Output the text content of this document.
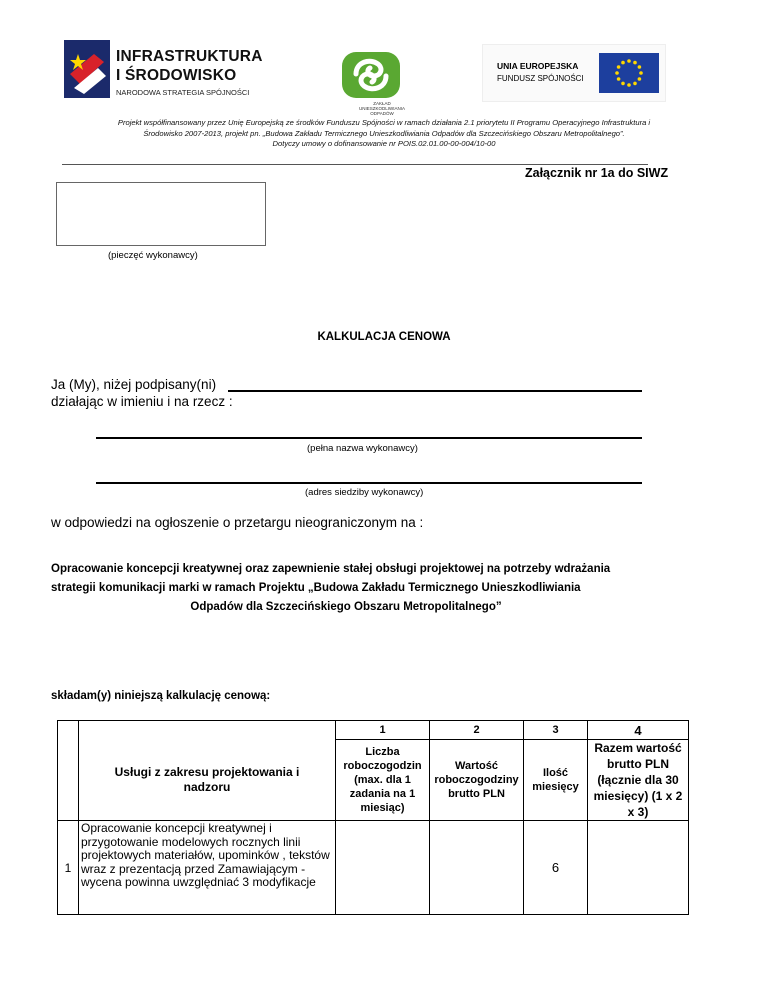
INFRASTRUKTURA
I ŚRODOWISKO
NARODOWA STRATEGIA SPÓJNOŚCI
ZAKŁAD UNIESZKODLIWIANIA ODPADÓW
UNIA EUROPEJSKA
FUNDUSZ SPÓJNOŚCI
Projekt współfinansowany przez Unię Europejską ze środków Funduszu Spójności w ramach działania 2.1 priorytetu II Programu Operacyjnego Infrastruktura i
Środowisko 2007-2013, projekt pn. „Budowa Zakładu Termicznego Unieszkodliwiania Odpadów dla Szczecińskiego Obszaru Metropolitalnego”.
Dotyczy umowy o dofinansowanie nr POIS.02.01.00-00-004/10-00
Załącznik nr 1a do SIWZ
(pieczęć wykonawcy)
KALKULACJA CENOWA
Ja (My), niżej podpisany(ni)
działając w imieniu i na rzecz :
(pełna nazwa wykonawcy)
(adres siedziby wykonawcy)
w odpowiedzi na ogłoszenie o przetargu nieograniczonym na :
Opracowanie koncepcji kreatywnej oraz zapewnienie stałej obsługi projektowej na potrzeby wdrażania
strategii komunikacji marki w ramach Projektu „Budowa Zakładu Termicznego Unieszkodliwiania

Odpadów dla Szczecińskiego Obszaru Metropolitalnego”
składam(y) niniejszą kalkulację cenową:
		1	2	3	4
	Usługi z zakresu projektowania i nadzoru	Liczba roboczogodzin (max. dla 1 zadania na 1 miesiąc)	Wartość roboczogodziny brutto PLN	Ilość miesięcy	Razem wartość brutto PLN (łącznie dla 30 miesięcy) (1 x 2 x 3)
1	Opracowanie koncepcji kreatywnej i przygotowanie modelowych rocznych linii projektowych materiałów, upominków , tekstów wraz z prezentacją przed Zamawiającym - wycena powinna uwzględniać 3 modyfikacje			6	
